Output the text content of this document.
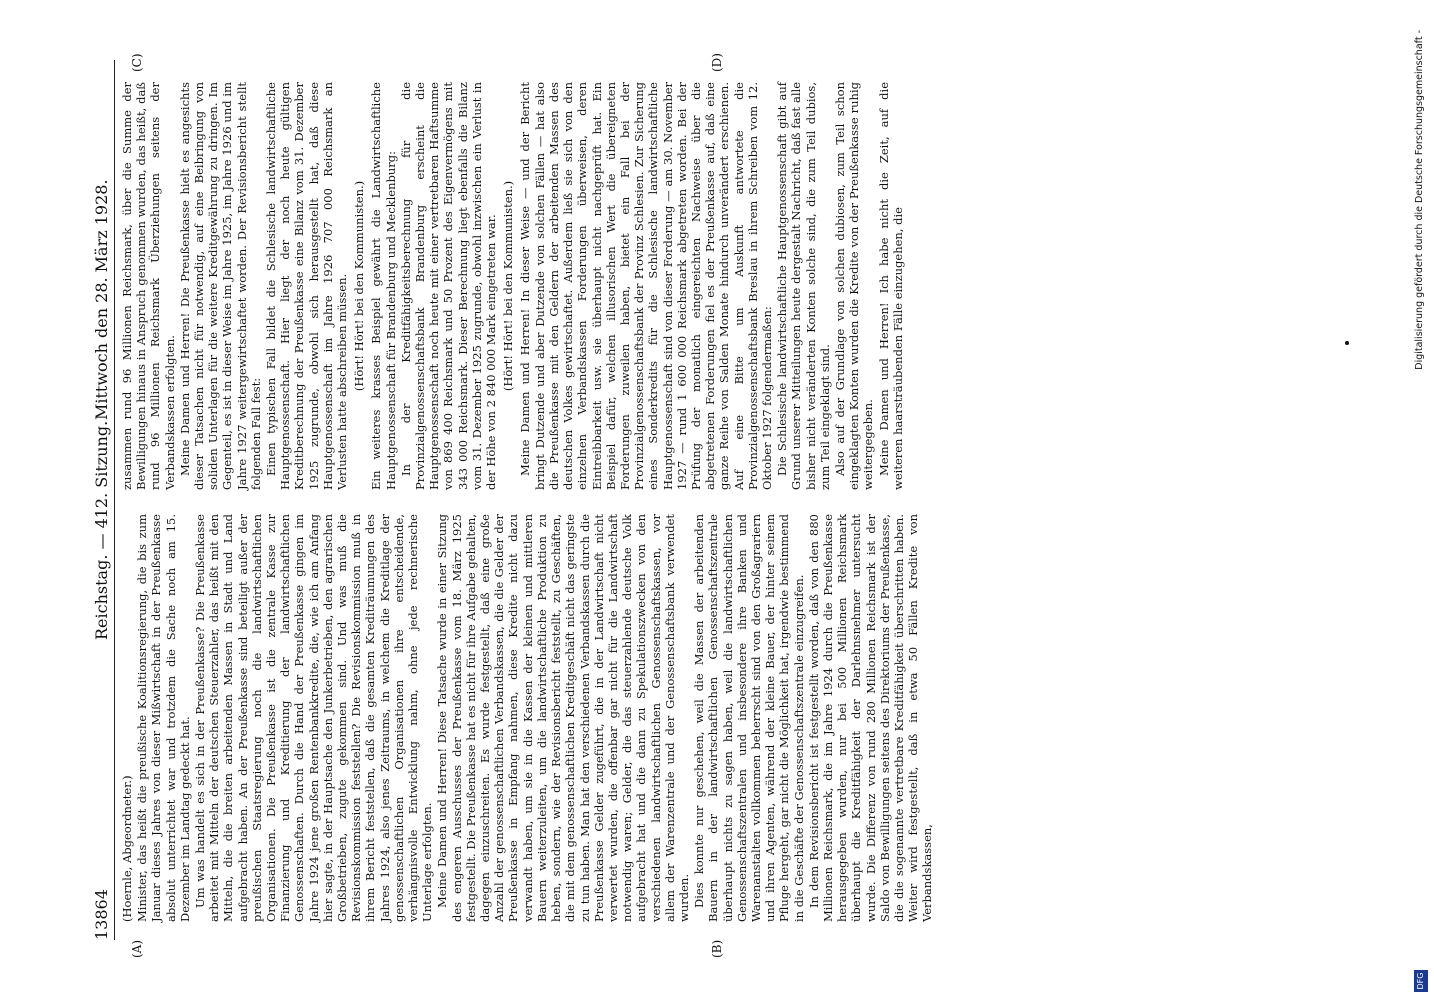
13864
Reichstag. — 412. Sitzung.
Mittwoch den 28. März 1928.
(A)	(B)
(C)	(D)

(Hoernle, Abgeordneter.) Minister, das heißt die preußische Koalitionsregierung, die bis zum Januar dieses Jahres von dieser Mißwirtschaft in der Preußenkasse absolut unterrichtet war und trotzdem die Sache noch am 15. Dezember im Landtag gedeckt hat. Um was handelt es sich in der Preußenkasse? Die Preußenkasse arbeitet mit Mitteln der deutschen Steuerzahler, das heißt mit den Mitteln, die die breiten arbeitenden Massen in Stadt und Land aufgebracht haben. An der Preußenkasse sind beteiligt außer der preußischen Staatsregierung noch die landwirtschaftlichen Organisationen. Die Preußenkasse ist die zentrale Kasse zur Finanzierung und Kreditierung der landwirtschaftlichen Genossenschaften. Durch die Hand der Preußenkasse gingen im Jahre 1924 jene großen Rentenbankkredite, die, wie ich am Anfang hier sagte, in der Hauptsache den Junkerbetrieben, den agrarischen Großbetrieben, zugute gekommen sind. Und was muß die Revisionskommission feststellen? Die Revisionskommission muß in ihrem Bericht feststellen, daß die gesamten Krediträumungen des Jahres 1924, also jenes Zeitraums, in welchem die Kreditlage der genossenschaftlichen Organisationen ihre entscheidende, verhängnisvolle Entwicklung nahm, ohne jede rechnerische Unterlage erfolgten. Meine Damen und Herren! Diese Tatsache wurde in einer Sitzung des engeren Ausschusses der Preußenkasse vom 18. März 1925 festgestellt. Die Preußenkasse hat es nicht für ihre Aufgabe gehalten, dagegen einzuschreiten. Es wurde festgestellt, daß eine große Anzahl der genossenschaftlichen Verbandskassen, die die Gelder der Preußenkasse in Empfang nahmen, diese Kredite nicht dazu verwandt haben, um sie in die Kassen der kleinen und mittleren Bauern weiterzuleiten, um die landwirtschaftliche Produktion zu heben, sondern, wie der Revisionsbericht feststellt, zu Geschäften, die mit dem genossenschaftlichen Kreditgeschäft nicht das geringste zu tun haben. Man hat den verschiedenen Verbandskassen durch die Preußenkasse Gelder zugeführt, die in der Landwirtschaft nicht verwertet wurden, die offenbar gar nicht für die Landwirtschaft notwendig waren; Gelder, die das steuerzahlende deutsche Volk aufgebracht hat und die dann zu Spekulationszwecken von den verschiedenen landwirtschaftlichen Genossenschaftskassen, vor allem der Warenzentrale und der Genossenschaftsbank verwendet wurden. Dies konnte nur geschehen, weil die Massen der arbeitenden Bauern in der landwirtschaftlichen Genossenschaftszentrale überhaupt nichts zu sagen haben, weil die landwirtschaftlichen Genossenschaftszentralen und insbesondere ihre Banken und Warenanstalten vollkommen beherrscht sind von den Großagrariern und ihren Agenten, während der kleine Bauer, der hinter seinem Pfluge hergeht, gar nicht die Möglichkeit hat, irgendwie bestimmend in die Geschäfte der Genossenschaftszentrale einzugreifen. In dem Revisionsbericht ist festgestellt worden, daß von den 880 Millionen Reichsmark, die im Jahre 1924 durch die Preußenkasse herausgegeben wurden, nur bei 500 Millionen Reichsmark überhaupt die Kreditfähigkeit der Darlehnsnehmer untersucht wurde. Die Differenz von rund 280 Millionen Reichsmark ist der Saldo von Bewilligungen seitens des Direktoriums der Preußenkasse, die die sogenannte vertretbare Kreditfähigkeit überschritten haben. Weiter wird festgestellt, daß in etwa 50 Fällen Kredite von Verbandskassen,

zusammen rund 96 Millionen Reichsmark, über die Summe der Bewilligungen hinaus in Anspruch genommen wurden, das heißt, daß rund 96 Millionen Reichsmark Überziehungen seitens der Verbandskassen erfolgten. Meine Damen und Herren! Die Preußenkasse hielt es angesichts dieser Tatsachen nicht für notwendig, auf eine Beibringung von soliden Unterlagen für die weitere Kreditgewährung zu dringen. Im Gegenteil, es ist in dieser Weise im Jahre 1925, im Jahre 1926 und im Jahre 1927 weitergewirtschaftet worden. Der Revisionsbericht stellt folgenden Fall fest: Einen typischen Fall bildet die Schlesische landwirtschaftliche Hauptgenossenschaft. Hier liegt der noch heute gültigen Kreditberechnung der Preußenkasse eine Bilanz vom 31. Dezember 1925 zugrunde, obwohl sich herausgestellt hat, daß diese Hauptgenossenschaft im Jahre 1926 707 000 Reichsmark an Verlusten hatte abschreiben müssen. (Hört! Hört! bei den Kommunisten.) Ein weiteres krasses Beispiel gewährt die Landwirtschaftliche Hauptgenossenschaft für Brandenburg und Mecklenburg: In der Kreditfähigkeitsberechnung für die Provinzialgenossenschaftsbank Brandenburg erscheint die Hauptgenossenschaft noch heute mit einer vertretbaren Haftsumme von 869 400 Reichsmark und 50 Prozent des Eigenvermögens mit 343 000 Reichsmark. Dieser Berechnung liegt ebenfalls die Bilanz vom 31. Dezember 1925 zugrunde, obwohl inzwischen ein Verlust in der Höhe von 2 840 000 Mark eingetreten war. (Hört! Hört! bei den Kommunisten.) Meine Damen und Herren! In dieser Weise — und der Bericht bringt Dutzende und aber Dutzende von solchen Fällen — hat also die Preußenkasse mit den Geldern der arbeitenden Massen des deutschen Volkes gewirtschaftet. Außerdem ließ sie sich von den einzelnen Verbandskassen Forderungen überweisen, deren Eintreibbarkeit usw. sie überhaupt nicht nachgeprüft hat. Ein Beispiel dafür, welchen illusorischen Wert die übereigneten Forderungen zuweilen haben, bietet ein Fall bei der Provinzialgenossenschaftsbank der Provinz Schlesien. Zur Sicherung eines Sonderkredits für die Schlesische landwirtschaftliche Hauptgenossenschaft sind von dieser Forderung — am 30. November 1927 — rund 1 600 000 Reichsmark abgetreten worden. Bei der Prüfung der monatlich eingereichten Nachweise über die abgetretenen Forderungen fiel es der Preußenkasse auf, daß eine ganze Reihe von Salden Monate hindurch unverändert erschienen. Auf eine Bitte um Auskunft antwortete die Provinzialgenossenschaftsbank Breslau in ihrem Schreiben vom 12. Oktober 1927 folgendermaßen: Die Schlesische landwirtschaftliche Hauptgenossenschaft gibt auf Grund unserer Mitteilungen heute dergestalt Nachricht, daß fast alle bisher nicht veränderten Konten solche sind, die zum Teil dubios, zum Teil eingeklagt sind. Also auf der Grundlage von solchen dubiosen, zum Teil schon eingeklagten Konten wurden die Kredite von der Preußenkasse ruhig weitergegeben. Meine Damen und Herren! Ich habe nicht die Zeit, auf die weiteren haarsträubenden Fälle einzugehen, die

DFG
Digitalisierung gefördert durch die Deutsche Forschungsgemeinschaft -
